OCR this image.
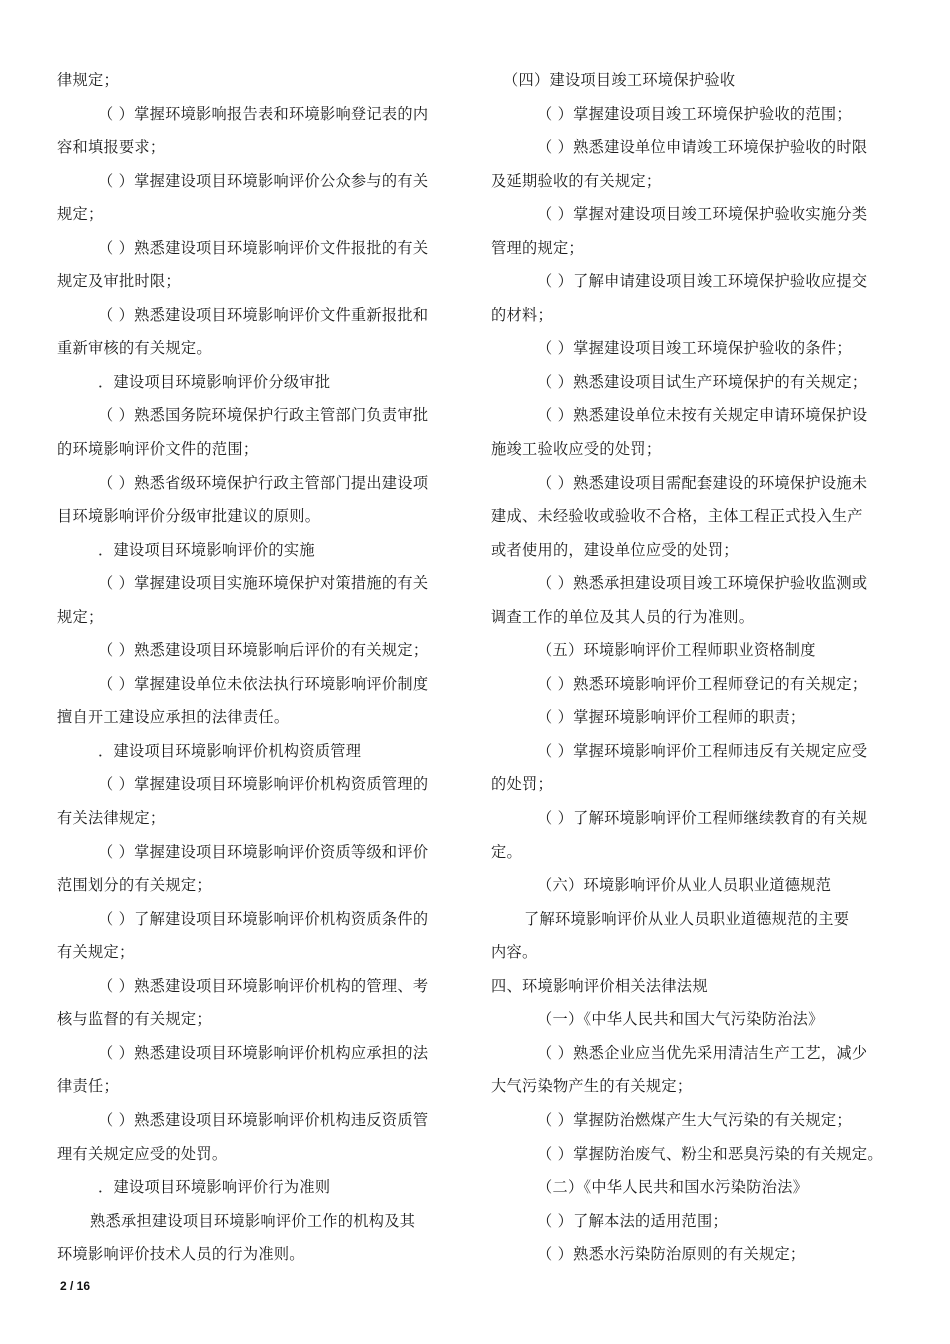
律规定；
（ ）掌握环境影响报告表和环境影响登记表的内
容和填报要求；
（ ）掌握建设项目环境影响评价公众参与的有关
规定；
（ ）熟悉建设项目环境影响评价文件报批的有关
规定及审批时限；
（ ）熟悉建设项目环境影响评价文件重新报批和
重新审核的有关规定。
．建设项目环境影响评价分级审批
（ ）熟悉国务院环境保护行政主管部门负责审批
的环境影响评价文件的范围；
（ ）熟悉省级环境保护行政主管部门提出建设项
目环境影响评价分级审批建议的原则。
．建设项目环境影响评价的实施
（ ）掌握建设项目实施环境保护对策措施的有关
规定；
（ ）熟悉建设项目环境影响后评价的有关规定；
（ ）掌握建设单位未依法执行环境影响评价制度
擅自开工建设应承担的法律责任。
．建设项目环境影响评价机构资质管理
（ ）掌握建设项目环境影响评价机构资质管理的
有关法律规定；
（ ）掌握建设项目环境影响评价资质等级和评价
范围划分的有关规定；
（ ）了解建设项目环境影响评价机构资质条件的
有关规定；
（ ）熟悉建设项目环境影响评价机构的管理、考
核与监督的有关规定；
（ ）熟悉建设项目环境影响评价机构应承担的法
律责任；
（ ）熟悉建设项目环境影响评价机构违反资质管
理有关规定应受的处罚。
．建设项目环境影响评价行为准则
熟悉承担建设项目环境影响评价工作的机构及其
环境影响评价技术人员的行为准则。
（四）建设项目竣工环境保护验收
（ ）掌握建设项目竣工环境保护验收的范围；
（ ）熟悉建设单位申请竣工环境保护验收的时限
及延期验收的有关规定；
（ ）掌握对建设项目竣工环境保护验收实施分类
管理的规定；
（ ）了解申请建设项目竣工环境保护验收应提交
的材料；
（ ）掌握建设项目竣工环境保护验收的条件；
（ ）熟悉建设项目试生产环境保护的有关规定；
（ ）熟悉建设单位未按有关规定申请环境保护设
施竣工验收应受的处罚；
（ ）熟悉建设项目需配套建设的环境保护设施未
建成、未经验收或验收不合格，主体工程正式投入生产
或者使用的，建设单位应受的处罚；
（ ）熟悉承担建设项目竣工环境保护验收监测或
调查工作的单位及其人员的行为准则。
（五）环境影响评价工程师职业资格制度
（ ）熟悉环境影响评价工程师登记的有关规定；
（ ）掌握环境影响评价工程师的职责；
（ ）掌握环境影响评价工程师违反有关规定应受
的处罚；
（ ）了解环境影响评价工程师继续教育的有关规
定。
（六）环境影响评价从业人员职业道德规范
了解环境影响评价从业人员职业道德规范的主要
内容。
四、环境影响评价相关法律法规
（一）《中华人民共和国大气污染防治法》
（ ）熟悉企业应当优先采用清洁生产工艺，减少
大气污染物产生的有关规定；
（ ）掌握防治燃煤产生大气污染的有关规定；
（ ）掌握防治废气、粉尘和恶臭污染的有关规定。
（二）《中华人民共和国水污染防治法》
（ ）了解本法的适用范围；
（ ）熟悉水污染防治原则的有关规定；
2 / 16
